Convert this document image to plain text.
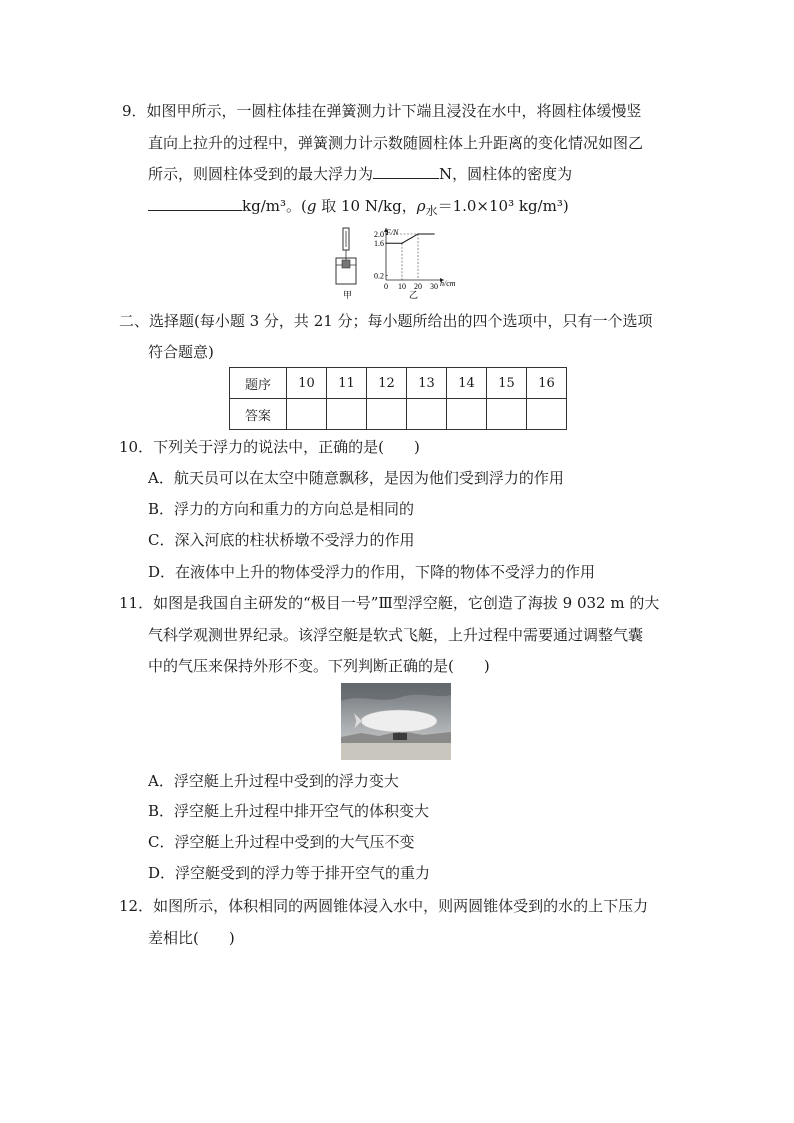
9．如图甲所示，一圆柱体挂在弹簧测力计下端且浸没在水中，将圆柱体缓慢竖
直向上拉升的过程中，弹簧测力计示数随圆柱体上升距离的变化情况如图乙
所示，则圆柱体受到的最大浮力为	N，圆柱体的密度为
kg/m³。(g 取 10 N/kg，$\rho_水=1.0\times 10^3$ kg/m³)
甲
0.2
1.6
2.0
0 10 20 30
F/N
h/cm
乙
二、选择题(每小题 3 分，共 21 分；每小题所给出的四个选项中，只有一个选项
符合题意)
题序	10	11	12	13	14	15	16
答案							
10．下列关于浮力的说法中，正确的是(　　)
A．航天员可以在太空中随意飘移，是因为他们受到浮力的作用
B．浮力的方向和重力的方向总是相同的
C．深入河底的柱状桥墩不受浮力的作用
D．在液体中上升的物体受浮力的作用，下降的物体不受浮力的作用
11．如图是我国自主研发的“极目一号”Ⅲ型浮空艇，它创造了海拔 9 032 m 的大
气科学观测世界纪录。该浮空艇是软式飞艇，上升过程中需要通过调整气囊
中的气压来保持外形不变。下列判断正确的是(　　)
A．浮空艇上升过程中受到的浮力变大
B．浮空艇上升过程中排开空气的体积变大
C．浮空艇上升过程中受到的大气压不变
D．浮空艇受到的浮力等于排开空气的重力
12．如图所示，体积相同的两圆锥体浸入水中，则两圆锥体受到的水的上下压力
差相比(　　)
